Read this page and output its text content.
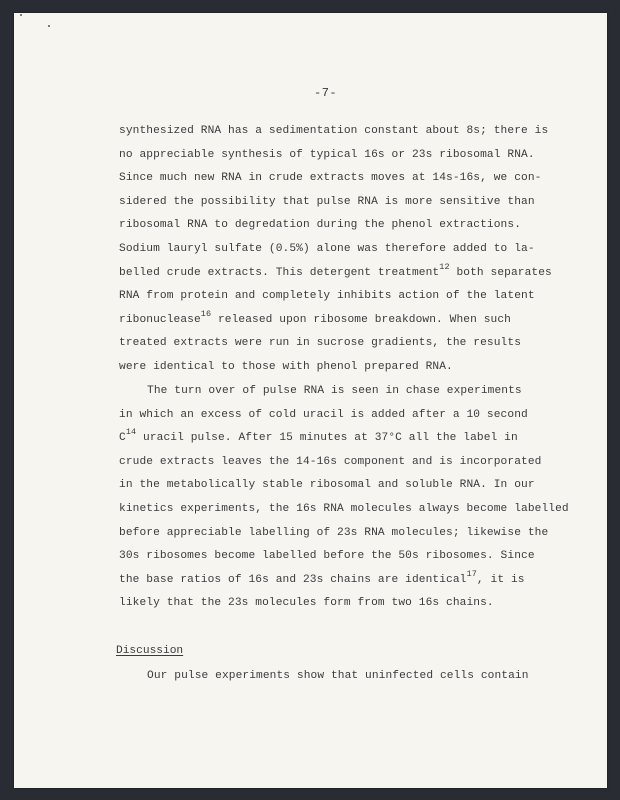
-7-
synthesized RNA has a sedimentation constant about 8s; there is
no appreciable synthesis of typical 16s or 23s ribosomal RNA.
Since much new RNA in crude extracts moves at 14s-16s, we con-
sidered the possibility that pulse RNA is more sensitive than
ribosomal RNA to degredation during the phenol extractions.
Sodium lauryl sulfate (0.5%) alone was therefore added to la-
belled crude extracts. This detergent treatment$^{12}$ both separates
RNA from protein and completely inhibits action of the latent
ribonuclease$^{16}$ released upon ribosome breakdown. When such
treated extracts were run in sucrose gradients, the results
were identical to those with phenol prepared RNA.
The turn over of pulse RNA is seen in chase experiments
in which an excess of cold uracil is added after a 10 second
$C^{14}$ uracil pulse. After 15 minutes at 37°C all the label in
crude extracts leaves the 14-16s component and is incorporated
in the metabolically stable ribosomal and soluble RNA. In our
kinetics experiments, the 16s RNA molecules always become labelled
before appreciable labelling of 23s RNA molecules; likewise the
30s ribosomes become labelled before the 50s ribosomes. Since
the base ratios of 16s and 23s chains are identical$^{17}$, it is
likely that the 23s molecules form from two 16s chains.
Our pulse experiments show that uninfected cells contain
Discussion
